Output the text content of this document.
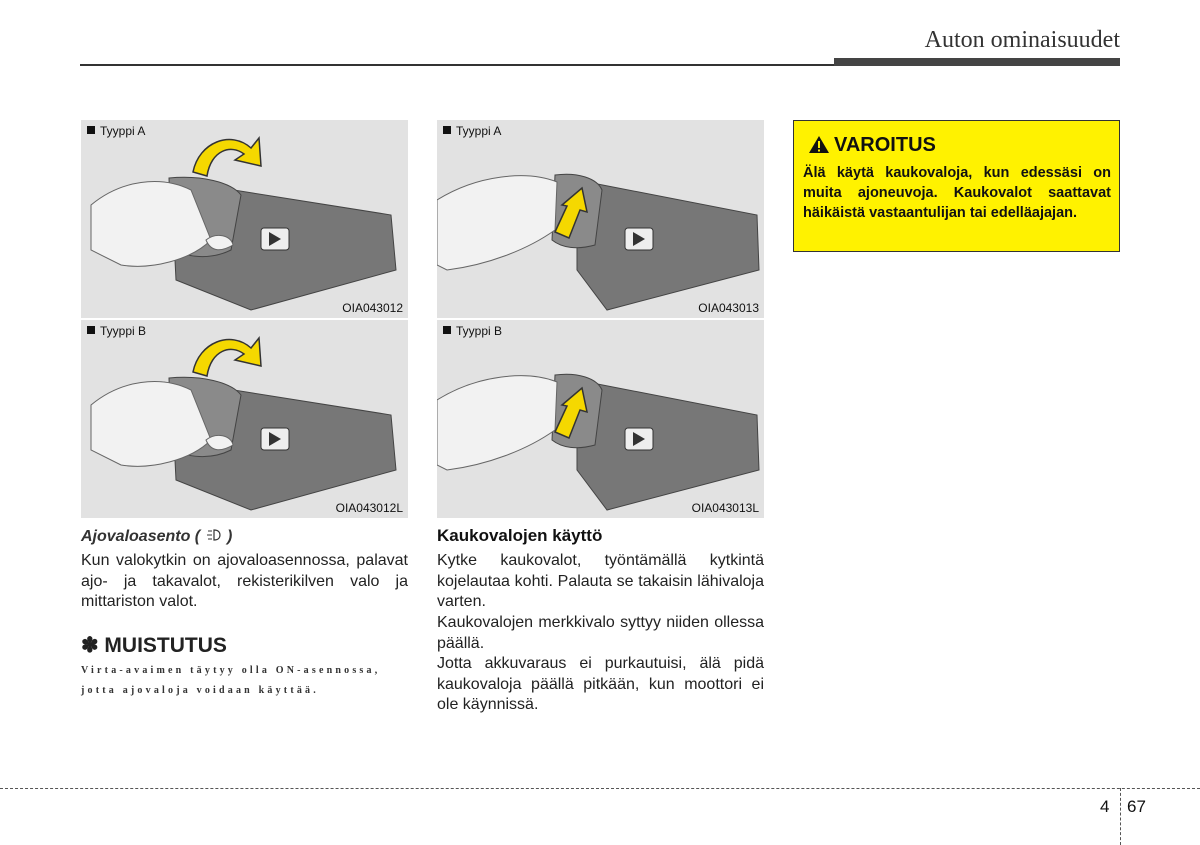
Auton ominaisuudet
Tyyppi A
OIA043012
Tyyppi B
OIA043012L
Tyyppi A
OIA043013
Tyyppi B
OIA043013L
Ajovaloasento ( )
Kun valokytkin on ajovaloasennossa, palavat ajo- ja takavalot, rekisterikilven valo ja mittariston valot.
✽ MUISTUTUS
Virta-avaimen täytyy olla ON-asennossa, jotta ajovaloja voidaan käyttää.
Kaukovalojen käyttö
Kytke kaukovalot, työntämällä kytkintä kojelautaa kohti. Palauta se takaisin lähivaloja varten.
Kaukovalojen merkkivalo syttyy niiden ollessa päällä.
Jotta akkuvaraus ei purkautuisi, älä pidä kaukovaloja päällä pitkään, kun moottori ei ole käynnissä.
VAROITUS
Älä käytä kaukovaloja, kun edessäsi on muita ajoneuvoja. Kaukovalot saattavat häikäistä vastaantulijan tai edelläajajan.
4 67
